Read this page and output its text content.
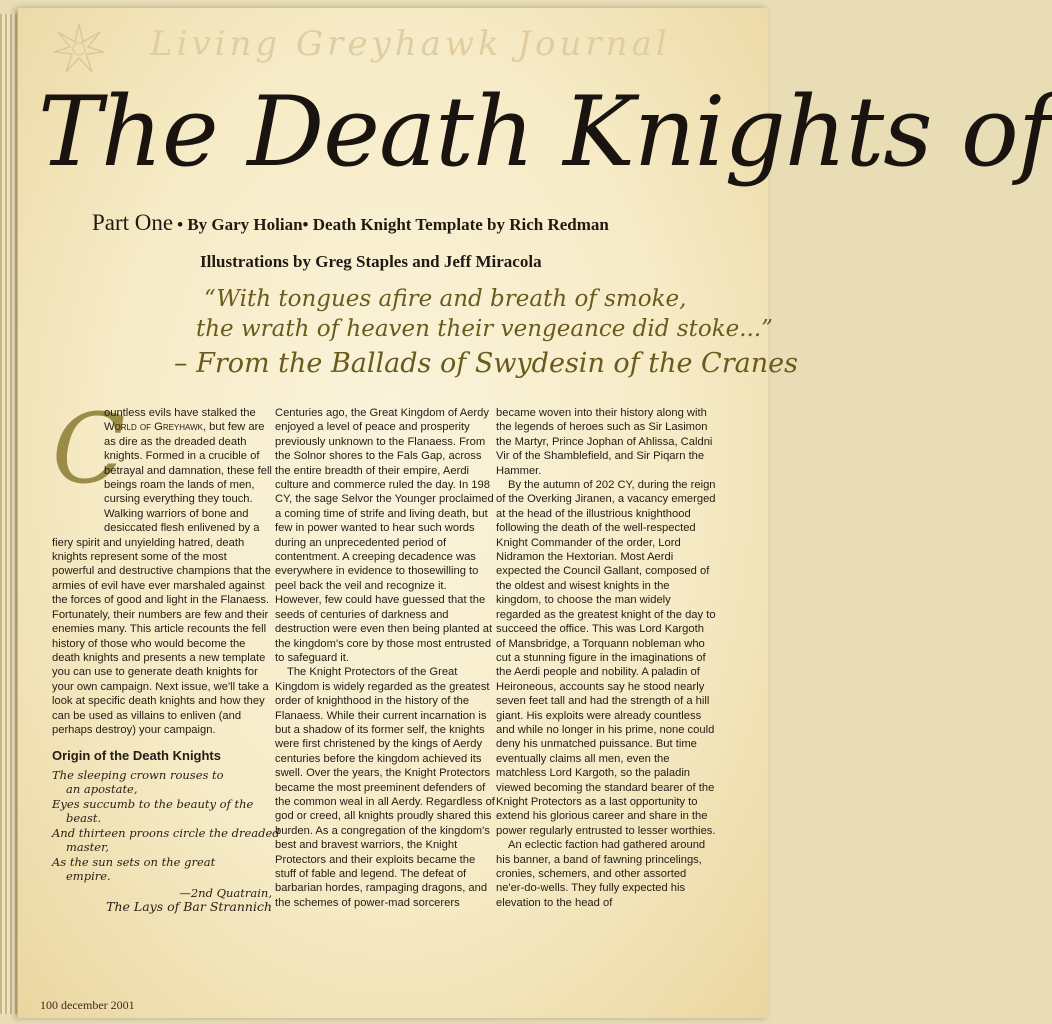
Living Greyhawk Journal
The Death Knights of
Part One • By Gary Holian• Death Knight Template by Rich Redman
Illustrations by Greg Staples and Jeff Miracola
“With tongues afire and breath of smoke,
the wrath of heaven their vengeance did stoke...”
– From the Ballads of Swydesin of the Cranes

C
ountless evils have stalked the World of Greyhawk, but few are as dire as the dreaded death knights. Formed in a crucible of betrayal and damnation, these fell beings roam the lands of men, cursing everything they touch. Walking warriors of bone and desiccated flesh enlivened by a fiery spirit and unyielding hatred, death knights represent some of the most powerful and destructive champions that the armies of evil have ever marshaled against the forces of good and light in the Flanaess. Fortunately, their numbers are few and their enemies many. This article recounts the fell history of those who would become the death knights and presents a new template you can use to generate death knights for your own campaign. Next issue, we'll take a look at specific death knights and how they can be used as villains to enliven (and perhaps destroy) your campaign.

Origin of the Death Knights
The sleeping crown rouses to
an apostate,
Eyes succumb to the beauty of the
beast.
And thirteen proons circle the dreaded
master,
As the sun sets on the great
empire.
—2nd Quatrain,
The Lays of Bar Strannich

Centuries ago, the Great Kingdom of Aerdy enjoyed a level of peace and prosperity previously unknown to the Flanaess. From the Solnor shores to the Fals Gap, across the entire breadth of their empire, Aerdi culture and commerce ruled the day. In 198 CY, the sage Selvor the Younger proclaimed a coming time of strife and living death, but few in power wanted to hear such words during an unprecedented period of contentment. A creeping decadence was everywhere in evidence to thosewilling to peel back the veil and recognize it. However, few could have guessed that the seeds of centuries of darkness and destruction were even then being planted at the kingdom's core by those most entrusted to safeguard it.

The Knight Protectors of the Great Kingdom is widely regarded as the greatest order of knighthood in the history of the Flanaess. While their current incarnation is but a shadow of its former self, the knights were first christened by the kings of Aerdy centuries before the kingdom achieved its swell. Over the years, the Knight Protectors became the most preeminent defenders of the common weal in all Aerdy. Regardless of god or creed, all knights proudly shared this burden. As a congregation of the kingdom's best and bravest warriors, the Knight Protectors and their exploits became the stuff of fable and legend. The defeat of barbarian hordes, rampaging dragons, and the schemes of power-mad sorcerers

became woven into their history along with the legends of heroes such as Sir Lasimon the Martyr, Prince Jophan of Ahlissa, Caldni Vir of the Shamblefield, and Sir Piqarn the Hammer.

By the autumn of 202 CY, during the reign of the Overking Jiranen, a vacancy emerged at the head of the illustrious knighthood following the death of the well-respected Knight Commander of the order, Lord Nidramon the Hextorian. Most Aerdi expected the Council Gallant, composed of the oldest and wisest knights in the kingdom, to choose the man widely regarded as the greatest knight of the day to succeed the office. This was Lord Kargoth of Mansbridge, a Torquann nobleman who cut a stunning figure in the imaginations of the Aerdi people and nobility. A paladin of Heironeous, accounts say he stood nearly seven feet tall and had the strength of a hill giant. His exploits were already countless and while no longer in his prime, none could deny his unmatched puissance. But time eventually claims all men, even the matchless Lord Kargoth, so the paladin viewed becoming the standard bearer of the Knight Protectors as a last opportunity to extend his glorious career and share in the power regularly entrusted to lesser worthies.

An eclectic faction had gathered around his banner, a band of fawning princelings, cronies, schemers, and other assorted ne'er-do-wells. They fully expected his elevation to the head of

100 december 2001
